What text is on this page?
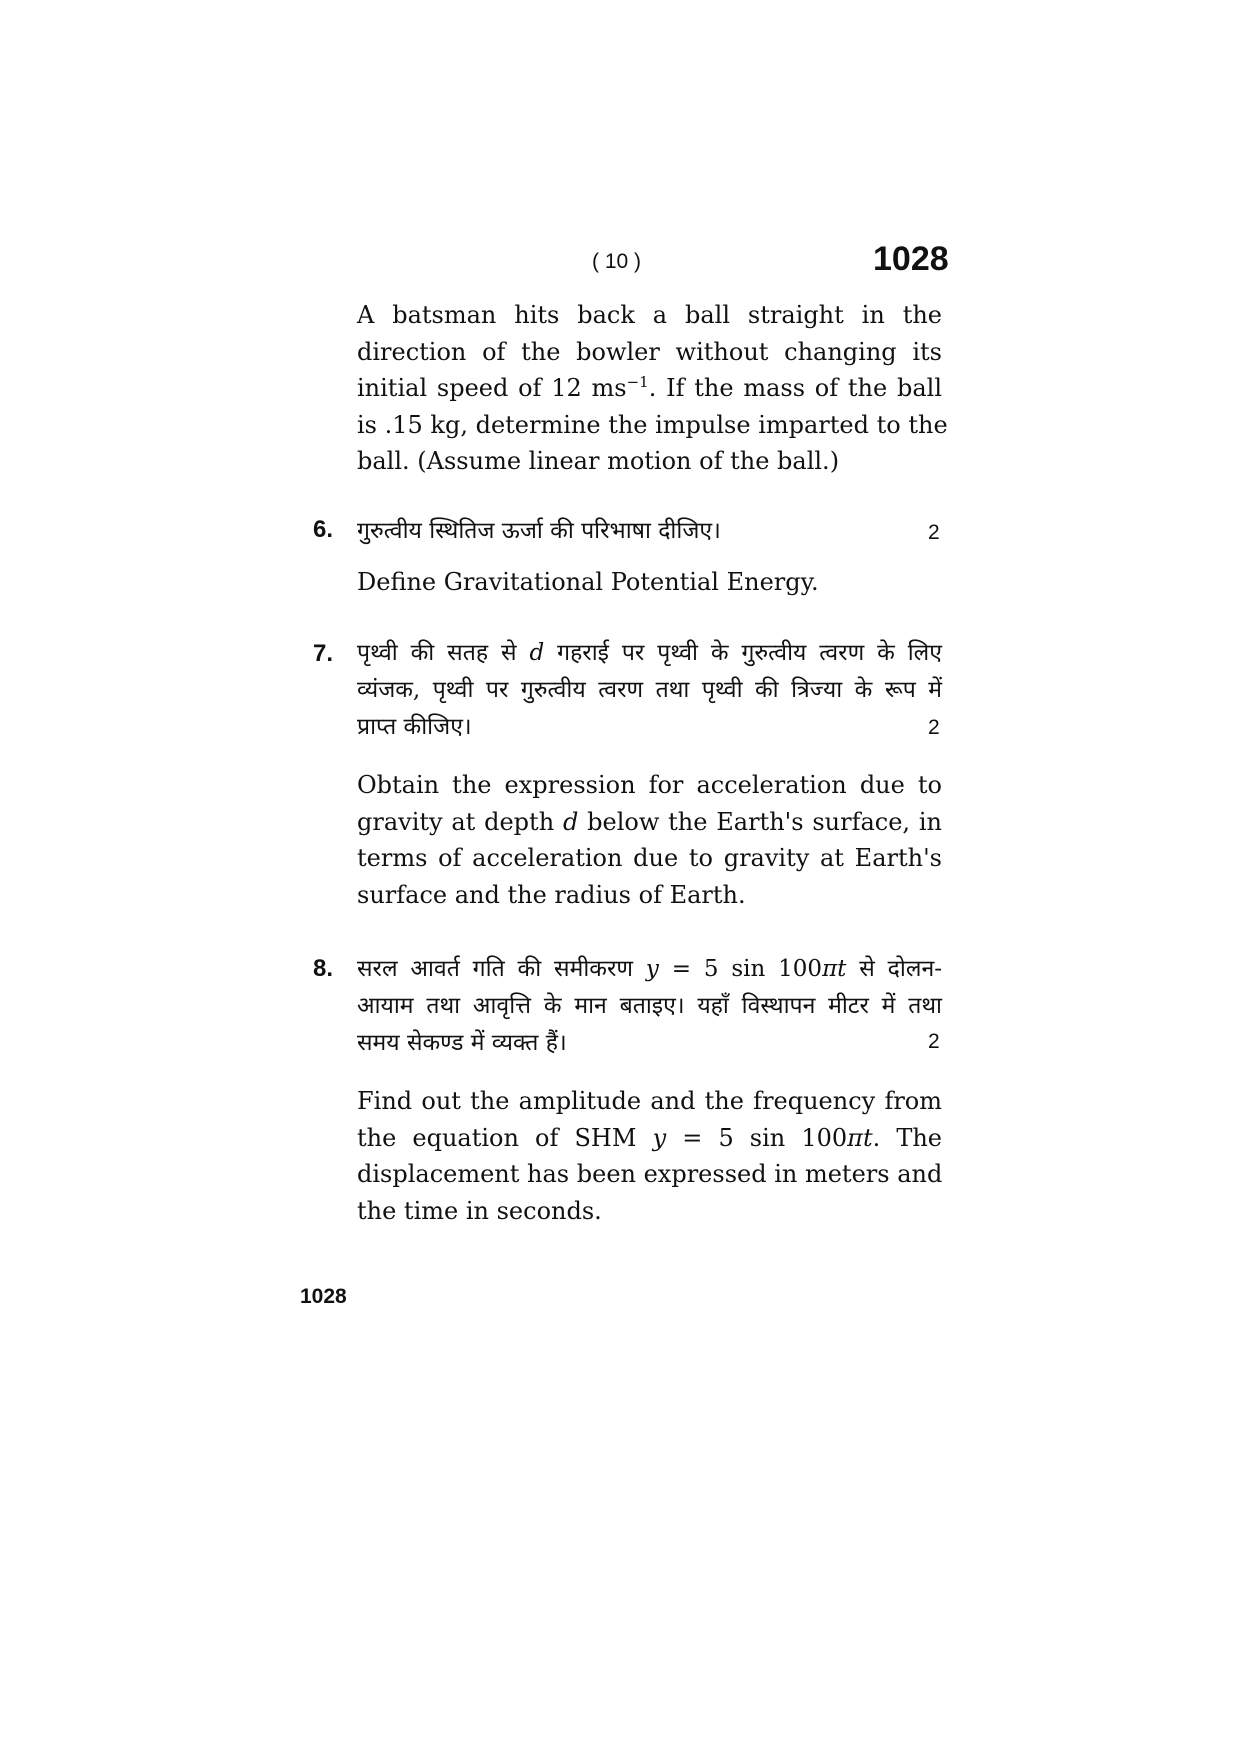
( 10 )	1028
A batsman hits back a ball straight in the
direction of the bowler without changing its
initial speed of 12 $ms^{-1}$. If the mass of the ball
is .15 kg, determine the impulse imparted to the
ball. (Assume linear motion of the ball.)
6. गुरुत्वीय स्थितिज ऊर्जा की परिभाषा दीजिए।	2
Define Gravitational Potential Energy.
7. पृथ्वी की सतह से d गहराई पर पृथ्वी के गुरुत्वीय त्वरण के लिए
व्यंजक, पृथ्वी पर गुरुत्वीय त्वरण तथा पृथ्वी की त्रिज्या के रूप में
प्राप्त कीजिए।	2
Obtain the expression for acceleration due to
gravity at depth d below the Earth's surface, in
terms of acceleration due to gravity at Earth's
surface and the radius of Earth.
8. सरल आवर्त गति की समीकरण y = 5 sin 100πt से दोलन-
आयाम तथा आवृत्ति के मान बताइए। यहाँ विस्थापन मीटर में तथा
समय सेकण्ड में व्यक्त हैं।	2
Find out the amplitude and the frequency from
the equation of SHM y = 5 sin 100πt. The
displacement has been expressed in meters and
the time in seconds.
1028
